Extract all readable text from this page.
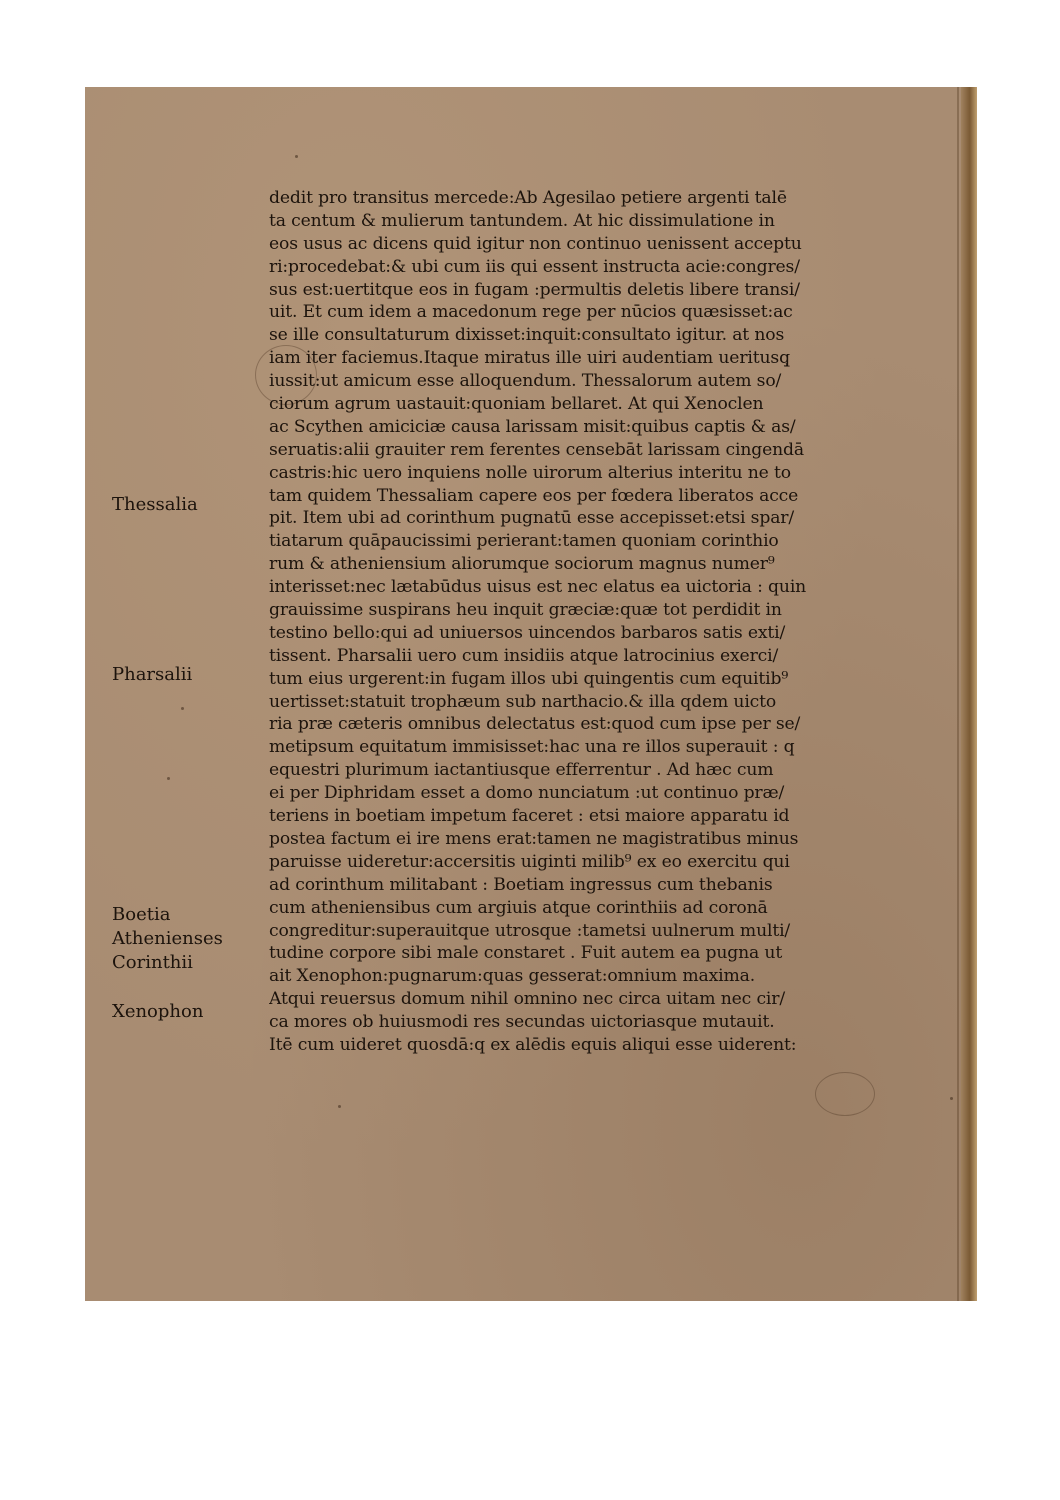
Thessalia
Pharsalii
Boetia
Athenienses
Corinthii
Xenophon
dedit pro transitus mercede:Ab Agesilao petiere argenti talē
ta centum & mulierum tantundem. At hic dissimulatione in
eos usus ac dicens quid igitur non continuo uenissent acceptu
ri:procedebat:& ubi cum iis qui essent instructa acie:congres/
sus est:uertitque eos in fugam :permultis deletis libere transi/
uit. Et cum idem a macedonum rege per nūcios quæsisset:ac
se ille consultaturum dixisset:inquit:consultato igitur. at nos
iam iter faciemus.Itaque miratus ille uiri audentiam ueritusq̧
iussit:ut amicum esse alloquendum. Thessalorum autem so/
ciorum agrum uastauit:quoniam bellaret. At qui Xenoclen
ac Scythen amiciciæ causa larissam misit:quibus captis & as/
seruatis:alii grauiter rem ferentes censebāt larissam cingendā
castris:hic uero inquiens nolle uirorum alterius interitu ne to
tam quidem Thessaliam capere eos per fœdera liberatos acce
pit. Item ubi ad corinthum pugnatū esse accepisset:etsi spar/
tiatarum quāpaucissimi perierant:tamen quoniam corinthio
rum & atheniensium aliorumque sociorum magnus numer⁹
interisset:nec lætabūdus uisus est nec elatus ea uictoria : quin
grauissime suspirans heu inquit græciæ:quæ tot perdidit in
testino bello:qui ad uniuersos uincendos barbaros satis exti/
tissent. Pharsalii uero cum insidiis atque latrocinius exerci/
tum eius urgerent:in fugam illos ubi quingentis cum equitib⁹
uertisset:statuit trophæum sub narthacio.& illa qdem uicto
ria præ cæteris omnibus delectatus est:quod cum ipse per se/
metipsum equitatum immisisset:hac una re illos superauit : q
equestri plurimum iactantiusque efferrentur . Ad hæc cum
ei per Diphridam esset a domo nunciatum :ut continuo præ/
teriens in boetiam impetum faceret : etsi maiore apparatu id
postea factum ei ire mens erat:tamen ne magistratibus minus
paruisse uideretur:accersitis uiginti milib⁹ ex eo exercitu qui
ad corinthum militabant : Boetiam ingressus cum thebanis
cum atheniensibus cum argiuis atque corinthiis ad coronā
congreditur:superauitque utrosque :tametsi uulnerum multi/
tudine corpore sibi male constaret . Fuit autem ea pugna ut
ait Xenophon:pugnarum:quas gesserat:omnium maxima.
Atqui reuersus domum nihil omnino nec circa uitam nec cir/
ca mores ob huiusmodi res secundas uictoriasque mutauit.
Itē cum uideret quosdā:q ex alēdis equis aliqui esse uiderent:
